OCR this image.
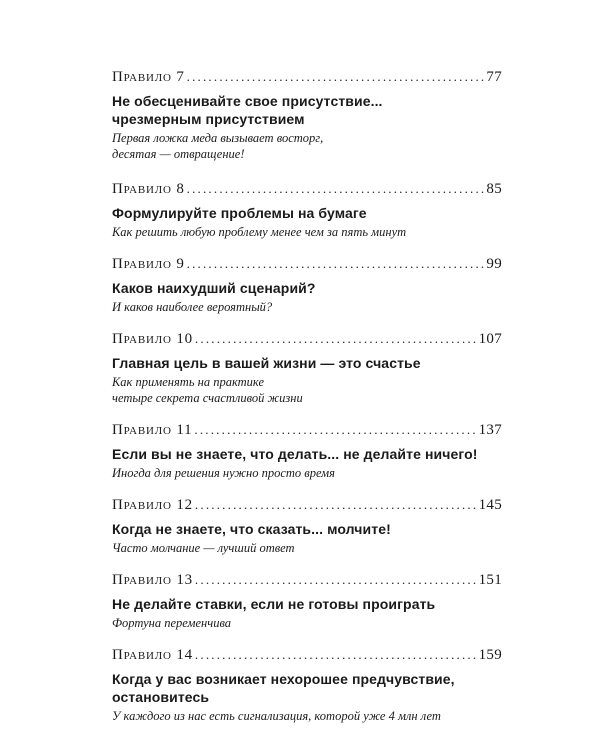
Правило 7 .....	77
Не обесценивайте свое присутствие...
чрезмерным присутствием
Первая ложка меда вызывает восторг,
десятая — отвращение!
Правило 8 .....	85
Формулируйте проблемы на бумаге
Как решить любую проблему менее чем за пять минут
Правило 9 .....	99
Каков наихудший сценарий?
И каков наиболее вероятный?
Правило 10 .....	107
Главная цель в вашей жизни — это счастье
Как применять на практике
четыре секрета счастливой жизни
Правило 11 .....	137
Если вы не знаете, что делать... не делайте ничего!
Иногда для решения нужно просто время
Правило 12 .....	145
Когда не знаете, что сказать... молчите!
Часто молчание — лучший ответ
Правило 13 .....	151
Не делайте ставки, если не готовы проиграть
Фортуна переменчива
Правило 14 .....	159
Когда у вас возникает нехорошее предчувствие,
остановитесь
У каждого из нас есть сигнализация, которой уже 4 млн лет
